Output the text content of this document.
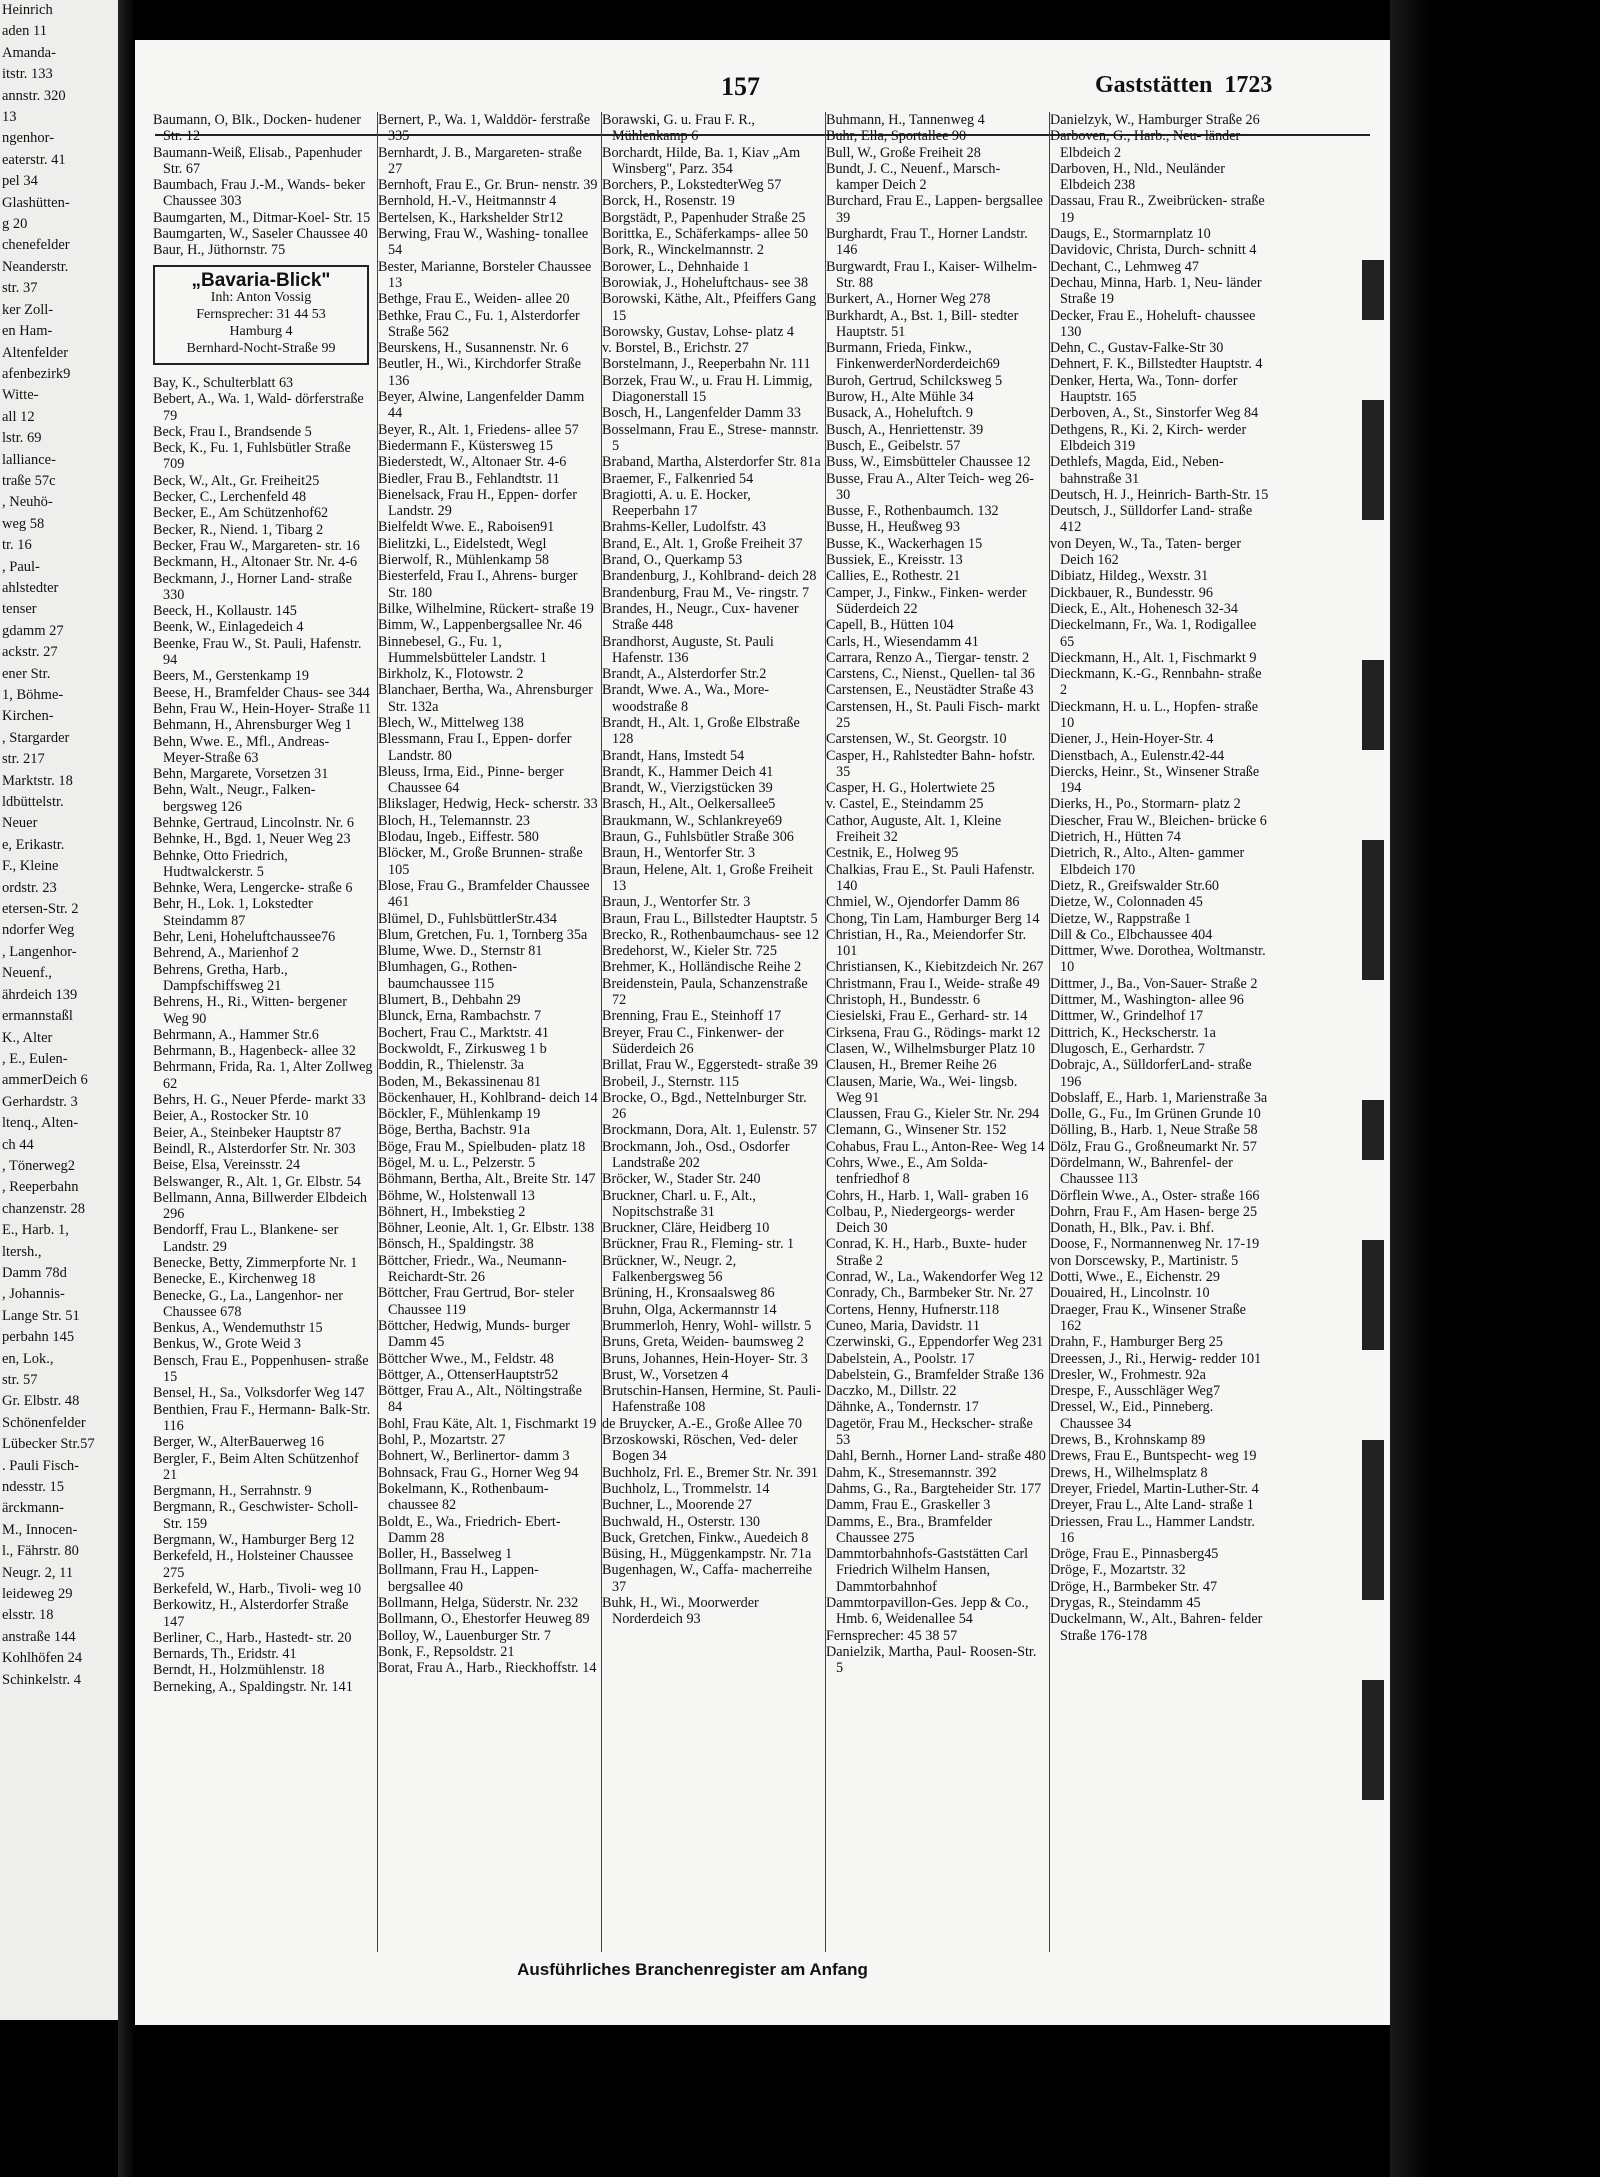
Heinrich
aden 11
Amanda-
itstr. 133
annstr. 320
13
ngenhor-
eaterstr. 41
pel 34
Glashütten-
g 20
chenefelder
Neanderstr.
str. 37
ker Zoll-
en Ham-
Altenfelder
afenbezirk9
Witte-
all 12
lstr. 69
lalliance-
traße 57c
, Neuhö-
weg 58
tr. 16
, Paul-
ahlstedter
tenser
gdamm 27
ackstr. 27
ener Str.
1, Böhme-
Kirchen-
, Stargarder
str. 217
Marktstr. 18
ldbüttelstr.
Neuer
e, Erikastr.
F., Kleine
ordstr. 23
etersen-Str. 2
ndorfer Weg
, Langenhor-
Neuenf.,
ährdeich 139
ermannstaßl
K., Alter
, E., Eulen-
ammerDeich 6
Gerhardstr. 3
ltenq., Alten-
ch 44
, Tönerweg2
, Reeperbahn
chanzenstr. 28
E., Harb. 1,
ltersh.,
Damm 78d
, Johannis-
Lange Str. 51
perbahn 145
en, Lok.,
str. 57
Gr. Elbstr. 48
Schönenfelder
Lübecker Str.57
. Pauli Fisch-
ndesstr. 15
ärckmann-
M., Innocen-
l., Fährstr. 80
Neugr. 2, 11
leideweg 29
elsstr. 18
anstraße 144
Kohlhöfen 24
Schinkelstr. 4
157	Gaststätten 1723

Baumann, O, Blk., Docken- hudener Str. 12

Baumann-Weiß, Elisab., Papenhuder Str. 67

Baumbach, Frau J.-M., Wands- beker Chaussee 303

Baumgarten, M., Ditmar-Koel- Str. 15

Baumgarten, W., Saseler Chaussee 40

Baur, H., Jüthornstr. 75

„Bavaria-Blick"
Inh: Anton Vossig
Fernsprecher: 31 44 53
Hamburg 4
Bernhard-Nocht-Straße 99

Bay, K., Schulterblatt 63

Bebert, A., Wa. 1, Wald- dörferstraße 79

Beck, Frau I., Brandsende 5

Beck, K., Fu. 1, Fuhlsbütler Straße 709

Beck, W., Alt., Gr. Freiheit25

Becker, C., Lerchenfeld 48

Becker, E., Am Schützenhof62

Becker, R., Niend. 1, Tibarg 2

Becker, Frau W., Margareten- str. 16

Beckmann, H., Altonaer Str. Nr. 4-6

Beckmann, J., Horner Land- straße 330

Beeck, H., Kollaustr. 145

Beenk, W., Einlagedeich 4

Beenke, Frau W., St. Pauli, Hafenstr. 94

Beers, M., Gerstenkamp 19

Beese, H., Bramfelder Chaus- see 344

Behn, Frau W., Hein-Hoyer- Straße 11

Behmann, H., Ahrensburger Weg 1

Behn, Wwe. E., Mfl., Andreas- Meyer-Straße 63

Behn, Margarete, Vorsetzen 31

Behn, Walt., Neugr., Falken- bergsweg 126

Behnke, Gertraud, Lincolnstr. Nr. 6

Behnke, H., Bgd. 1, Neuer Weg 23

Behnke, Otto Friedrich, Hudtwalckerstr. 5

Behnke, Wera, Lengercke- straße 6

Behr, H., Lok. 1, Lokstedter Steindamm 87

Behr, Leni, Hoheluftchaussee76

Behrend, A., Marienhof 2

Behrens, Gretha, Harb., Dampfschiffsweg 21

Behrens, H., Ri., Witten- bergener Weg 90

Behrmann, A., Hammer Str.6

Behrmann, B., Hagenbeck- allee 32

Behrmann, Frida, Ra. 1, Alter Zollweg 62

Behrs, H. G., Neuer Pferde- markt 33

Beier, A., Rostocker Str. 10

Beier, A., Steinbeker Hauptstr 87

Beindl, R., Alsterdorfer Str. Nr. 303

Beise, Elsa, Vereinsstr. 24

Belswanger, R., Alt. 1, Gr. Elbstr. 54

Bellmann, Anna, Billwerder Elbdeich 296

Bendorff, Frau L., Blankene- ser Landstr. 29

Benecke, Betty, Zimmerpforte Nr. 1

Benecke, E., Kirchenweg 18

Benecke, G., La., Langenhor- ner Chaussee 678

Benkus, A., Wendemuthstr 15

Benkus, W., Grote Weid 3

Bensch, Frau E., Poppenhusen- straße 15

Bensel, H., Sa., Volksdorfer Weg 147

Benthien, Frau F., Hermann- Balk-Str. 116

Berger, W., AlterBauerweg 16

Bergler, F., Beim Alten Schützenhof 21

Bergmann, H., Serrahnstr. 9

Bergmann, R., Geschwister- Scholl-Str. 159

Bergmann, W., Hamburger Berg 12

Berkefeld, H., Holsteiner Chaussee 275

Berkefeld, W., Harb., Tivoli- weg 10

Berkowitz, H., Alsterdorfer Straße 147

Berliner, C., Harb., Hastedt- str. 20

Bernards, Th., Eridstr. 41

Berndt, H., Holzmühlenstr. 18

Berneking, A., Spaldingstr. Nr. 141

Bernert, P., Wa. 1, Walddör- ferstraße 335

Bernhardt, J. B., Margareten- straße 27

Bernhoft, Frau E., Gr. Brun- nenstr. 39

Bernhold, H.-V., Heitmannstr 4

Bertelsen, K., Harkshelder Str12

Berwing, Frau W., Washing- tonallee 54

Bester, Marianne, Borsteler Chaussee 13

Bethge, Frau E., Weiden- allee 20

Bethke, Frau C., Fu. 1, Alsterdorfer Straße 562

Beurskens, H., Susannenstr. Nr. 6

Beutler, H., Wi., Kirchdorfer Straße 136

Beyer, Alwine, Langenfelder Damm 44

Beyer, R., Alt. 1, Friedens- allee 57

Biedermann F., Küstersweg 15

Biederstedt, W., Altonaer Str. 4-6

Biedler, Frau B., Fehlandtstr. 11

Bienelsack, Frau H., Eppen- dorfer Landstr. 29

Bielfeldt Wwe. E., Raboisen91

Bielitzki, L., Eidelstedt, Wegl

Bierwolf, R., Mühlenkamp 58

Biesterfeld, Frau I., Ahrens- burger Str. 180

Bilke, Wilhelmine, Rückert- straße 19

Bimm, W., Lappenbergsallee Nr. 46

Binnebesel, G., Fu. 1, Hummelsbütteler Landstr. 1

Birkholz, K., Flotowstr. 2

Blanchaer, Bertha, Wa., Ahrensburger Str. 132a

Blech, W., Mittelweg 138

Blessmann, Frau I., Eppen- dorfer Landstr. 80

Bleuss, Irma, Eid., Pinne- berger Chaussee 64

Blikslager, Hedwig, Heck- scherstr. 33

Bloch, H., Telemannstr. 23

Blodau, Ingeb., Eiffestr. 580

Blöcker, M., Große Brunnen- straße 105

Blose, Frau G., Bramfelder Chaussee 461

Blümel, D., FuhlsbüttlerStr.434

Blum, Gretchen, Fu. 1, Tornberg 35a

Blume, Wwe. D., Sternstr 81

Blumhagen, G., Rothen- baumchaussee 115

Blumert, B., Dehbahn 29

Blunck, Erna, Rambachstr. 7

Bochert, Frau C., Marktstr. 41

Bockwoldt, F., Zirkusweg 1 b

Boddin, R., Thielenstr. 3a

Boden, M., Bekassinenau 81

Böckenhauer, H., Kohlbrand- deich 14

Böckler, F., Mühlenkamp 19

Böge, Bertha, Bachstr. 91a

Böge, Frau M., Spielbuden- platz 18

Bögel, M. u. L., Pelzerstr. 5

Böhmann, Bertha, Alt., Breite Str. 147

Böhme, W., Holstenwall 13

Böhnert, H., Imbekstieg 2

Böhner, Leonie, Alt. 1, Gr. Elbstr. 138

Bönsch, H., Spaldingstr. 38

Böttcher, Friedr., Wa., Neumann-Reichardt-Str. 26

Böttcher, Frau Gertrud, Bor- steler Chaussee 119

Böttcher, Hedwig, Munds- burger Damm 45

Böttcher Wwe., M., Feldstr. 48

Böttger, A., OttenserHauptstr52

Böttger, Frau A., Alt., Nöltingstraße 84

Bohl, Frau Käte, Alt. 1, Fischmarkt 19

Bohl, P., Mozartstr. 27

Bohnert, W., Berlinertor- damm 3

Bohnsack, Frau G., Horner Weg 94

Bokelmann, K., Rothenbaum- chaussee 82

Boldt, E., Wa., Friedrich- Ebert-Damm 28

Boller, H., Basselweg 1

Bollmann, Frau H., Lappen- bergsallee 40

Bollmann, Helga, Süderstr. Nr. 232

Bollmann, O., Ehestorfer Heuweg 89

Bolloy, W., Lauenburger Str. 7

Bonk, F., Repsoldstr. 21

Borat, Frau A., Harb., Rieckhoffstr. 14

Borawski, G. u. Frau F. R., Mühlenkamp 6

Borchardt, Hilde, Ba. 1, Kiav „Am Winsberg", Parz. 354

Borchers, P., LokstedterWeg 57

Borck, H., Rosenstr. 19

Borgstädt, P., Papenhuder Straße 25

Borittka, E., Schäferkamps- allee 50

Bork, R., Winckelmannstr. 2

Borower, L., Dehnhaide 1

Borowiak, J., Hoheluftchaus- see 38

Borowski, Käthe, Alt., Pfeiffers Gang 15

Borowsky, Gustav, Lohse- platz 4

v. Borstel, B., Erichstr. 27

Borstelmann, J., Reeperbahn Nr. 111

Borzek, Frau W., u. Frau H. Limmig, Diagonerstall 15

Bosch, H., Langenfelder Damm 33

Bosselmann, Frau E., Strese- mannstr. 5

Braband, Martha, Alsterdorfer Str. 81a

Braemer, F., Falkenried 54

Bragiotti, A. u. E. Hocker, Reeperbahn 17

Brahms-Keller, Ludolfstr. 43

Brand, E., Alt. 1, Große Freiheit 37

Brand, O., Querkamp 53

Brandenburg, J., Kohlbrand- deich 28

Brandenburg, Frau M., Ve- ringstr. 7

Brandes, H., Neugr., Cux- havener Straße 448

Brandhorst, Auguste, St. Pauli Hafenstr. 136

Brandt, A., Alsterdorfer Str.2

Brandt, Wwe. A., Wa., More- woodstraße 8

Brandt, H., Alt. 1, Große Elbstraße 128

Brandt, Hans, Imstedt 54

Brandt, K., Hammer Deich 41

Brandt, W., Vierzigstücken 39

Brasch, H., Alt., Oelkersallee5

Braukmann, W., Schlankreye69

Braun, G., Fuhlsbütler Straße 306

Braun, H., Wentorfer Str. 3

Braun, Helene, Alt. 1, Große Freiheit 13

Braun, J., Wentorfer Str. 3

Braun, Frau L., Billstedter Hauptstr. 5

Brecko, R., Rothenbaumchaus- see 12

Bredehorst, W., Kieler Str. 725

Brehmer, K., Holländische Reihe 2

Breidenstein, Paula, Schanzenstraße 72

Brenning, Frau E., Steinhoff 17

Breyer, Frau C., Finkenwer- der Süderdeich 26

Brillat, Frau W., Eggerstedt- straße 39

Brobeil, J., Sternstr. 115

Brocke, O., Bgd., Nettelnburger Str. 26

Brockmann, Dora, Alt. 1, Eulenstr. 57

Brockmann, Joh., Osd., Osdorfer Landstraße 202

Bröcker, W., Stader Str. 240

Bruckner, Charl. u. F., Alt., Nopitschstraße 31

Bruckner, Cläre, Heidberg 10

Brückner, Frau R., Fleming- str. 1

Brückner, W., Neugr. 2, Falkenbergsweg 56

Brüning, H., Kronsaalsweg 86

Bruhn, Olga, Ackermannstr 14

Brummerloh, Henry, Wohl- willstr. 5

Bruns, Greta, Weiden- baumsweg 2

Bruns, Johannes, Hein-Hoyer- Str. 3

Brust, W., Vorsetzen 4

Brutschin-Hansen, Hermine, St. Pauli-Hafenstraße 108

de Bruycker, A.-E., Große Allee 70

Brzoskowski, Röschen, Ved- deler Bogen 34

Buchholz, Frl. E., Bremer Str. Nr. 391

Buchholz, L., Trommelstr. 14

Buchner, L., Moorende 27

Buchwald, H., Osterstr. 130

Buck, Gretchen, Finkw., Auedeich 8

Büsing, H., Müggenkampstr. Nr. 71a

Bugenhagen, W., Caffa- macherreihe 37

Buhk, H., Wi., Moorwerder Norderdeich 93

Buhmann, H., Tannenweg 4

Buhr, Ella, Sportallee 90

Bull, W., Große Freiheit 28

Bundt, J. C., Neuenf., Marsch- kamper Deich 2

Burchard, Frau E., Lappen- bergsallee 39

Burghardt, Frau T., Horner Landstr. 146

Burgwardt, Frau I., Kaiser- Wilhelm-Str. 88

Burkert, A., Horner Weg 278

Burkhardt, A., Bst. 1, Bill- stedter Hauptstr. 51

Burmann, Frieda, Finkw., FinkenwerderNorderdeich69

Buroh, Gertrud, Schilcksweg 5

Burow, H., Alte Mühle 34

Busack, A., Hoheluftch. 9

Busch, A., Henriettenstr. 39

Busch, E., Geibelstr. 57

Buss, W., Eimsbütteler Chaussee 12

Busse, Frau A., Alter Teich- weg 26-30

Busse, F., Rothenbaumch. 132

Busse, H., Heußweg 93

Busse, K., Wackerhagen 15

Bussiek, E., Kreisstr. 13

Callies, E., Rothestr. 21

Camper, J., Finkw., Finken- werder Süderdeich 22

Capell, B., Hütten 104

Carls, H., Wiesendamm 41

Carrara, Renzo A., Tiergar- tenstr. 2

Carstens, C., Nienst., Quellen- tal 36

Carstensen, E., Neustädter Straße 43

Carstensen, H., St. Pauli Fisch- markt 25

Carstensen, W., St. Georgstr. 10

Casper, H., Rahlstedter Bahn- hofstr. 35

Casper, H. G., Holertwiete 25

v. Castel, E., Steindamm 25

Cathor, Auguste, Alt. 1, Kleine Freiheit 32

Cestnik, E., Holweg 95

Chalkias, Frau E., St. Pauli Hafenstr. 140

Chmiel, W., Ojendorfer Damm 86

Chong, Tin Lam, Hamburger Berg 14

Christian, H., Ra., Meiendorfer Str. 101

Christiansen, K., Kiebitzdeich Nr. 267

Christmann, Frau I., Weide- straße 49

Christoph, H., Bundesstr. 6

Ciesielski, Frau E., Gerhard- str. 14

Cirksena, Frau G., Rödings- markt 12

Clasen, W., Wilhelmsburger Platz 10

Clausen, H., Bremer Reihe 26

Clausen, Marie, Wa., Wei- lingsb. Weg 91

Claussen, Frau G., Kieler Str. Nr. 294

Clemann, G., Winsener Str. 152

Cohabus, Frau L., Anton-Ree- Weg 14

Cohrs, Wwe., E., Am Solda- tenfriedhof 8

Cohrs, H., Harb. 1, Wall- graben 16

Colbau, P., Niedergeorgs- werder Deich 30

Conrad, K. H., Harb., Buxte- huder Straße 2

Conrad, W., La., Wakendorfer Weg 12

Conrady, Ch., Barmbeker Str. Nr. 27

Cortens, Henny, Hufnerstr.118

Cuneo, Maria, Davidstr. 11

Czerwinski, G., Eppendorfer Weg 231

Dabelstein, A., Poolstr. 17

Dabelstein, G., Bramfelder Straße 136

Daczko, M., Dillstr. 22

Dähnke, A., Tondernstr. 17

Dagetör, Frau M., Heckscher- straße 53

Dahl, Bernh., Horner Land- straße 480

Dahm, K., Stresemannstr. 392

Dahms, G., Ra., Bargteheider Str. 177

Damm, Frau E., Graskeller 3

Damms, E., Bra., Bramfelder Chaussee 275

Dammtorbahnhofs-Gaststätten Carl Friedrich Wilhelm Hansen, Dammtorbahnhof

Dammtorpavillon-Ges. Jepp & Co., Hmb. 6, Weidenallee 54

Fernsprecher: 45 38 57

Danielzik, Martha, Paul- Roosen-Str. 5

Danielzyk, W., Hamburger Straße 26

Darboven, G., Harb., Neu- länder Elbdeich 2

Darboven, H., Nld., Neuländer Elbdeich 238

Dassau, Frau R., Zweibrücken- straße 19

Daugs, E., Stormarnplatz 10

Davidovic, Christa, Durch- schnitt 4

Dechant, C., Lehmweg 47

Dechau, Minna, Harb. 1, Neu- länder Straße 19

Decker, Frau E., Hoheluft- chaussee 130

Dehn, C., Gustav-Falke-Str 30

Dehnert, F. K., Billstedter Hauptstr. 4

Denker, Herta, Wa., Tonn- dorfer Hauptstr. 165

Derboven, A., St., Sinstorfer Weg 84

Dethgens, R., Ki. 2, Kirch- werder Elbdeich 319

Dethlefs, Magda, Eid., Neben- bahnstraße 31

Deutsch, H. J., Heinrich- Barth-Str. 15

Deutsch, J., Sülldorfer Land- straße 412

von Deyen, W., Ta., Taten- berger Deich 162

Dibiatz, Hildeg., Wexstr. 31

Dickbauer, R., Bundesstr. 96

Dieck, E., Alt., Hohenesch 32-34

Dieckelmann, Fr., Wa. 1, Rodigallee 65

Dieckmann, H., Alt. 1, Fischmarkt 9

Dieckmann, K.-G., Rennbahn- straße 2

Dieckmann, H. u. L., Hopfen- straße 10

Diener, J., Hein-Hoyer-Str. 4

Dienstbach, A., Eulenstr.42-44

Diercks, Heinr., St., Winsener Straße 194

Dierks, H., Po., Stormarn- platz 2

Diescher, Frau W., Bleichen- brücke 6

Dietrich, H., Hütten 74

Dietrich, R., Alto., Alten- gammer Elbdeich 170

Dietz, R., Greifswalder Str.60

Dietze, W., Colonnaden 45

Dietze, W., Rappstraße 1

Dill & Co., Elbchaussee 404

Dittmer, Wwe. Dorothea, Woltmanstr. 10

Dittmer, J., Ba., Von-Sauer- Straße 2

Dittmer, M., Washington- allee 96

Dittmer, W., Grindelhof 17

Dittrich, K., Heckscherstr. 1a

Dlugosch, E., Gerhardstr. 7

Dobrajc, A., SülldorferLand- straße 196

Dobslaff, E., Harb. 1, Marienstraße 3a

Dolle, G., Fu., Im Grünen Grunde 10

Dölling, B., Harb. 1, Neue Straße 58

Dölz, Frau G., Großneumarkt Nr. 57

Dördelmann, W., Bahrenfel- der Chaussee 113

Dörflein Wwe., A., Oster- straße 166

Dohrn, Frau F., Am Hasen- berge 25

Donath, H., Blk., Pav. i. Bhf.

Doose, F., Normannenweg Nr. 17-19

von Dorscewsky, P., Martinistr. 5

Dotti, Wwe., E., Eichenstr. 29

Douaired, H., Lincolnstr. 10

Draeger, Frau K., Winsener Straße 162

Drahn, F., Hamburger Berg 25

Dreessen, J., Ri., Herwig- redder 101

Dresler, W., Frohmestr. 92a

Drespe, F., Ausschläger Weg7

Dressel, W., Eid., Pinneberg. Chaussee 34

Drews, B., Krohnskamp 89

Drews, Frau E., Buntspecht- weg 19

Drews, H., Wilhelmsplatz 8

Dreyer, Friedel, Martin-Luther-Str. 4

Dreyer, Frau L., Alte Land- straße 1

Driessen, Frau L., Hammer Landstr. 16

Dröge, Frau E., Pinnasberg45

Dröge, F., Mozartstr. 32

Dröge, H., Barmbeker Str. 47

Drygas, R., Steindamm 45

Duckelmann, W., Alt., Bahren- felder Straße 176-178

Ausführliches Branchenregister am Anfang
